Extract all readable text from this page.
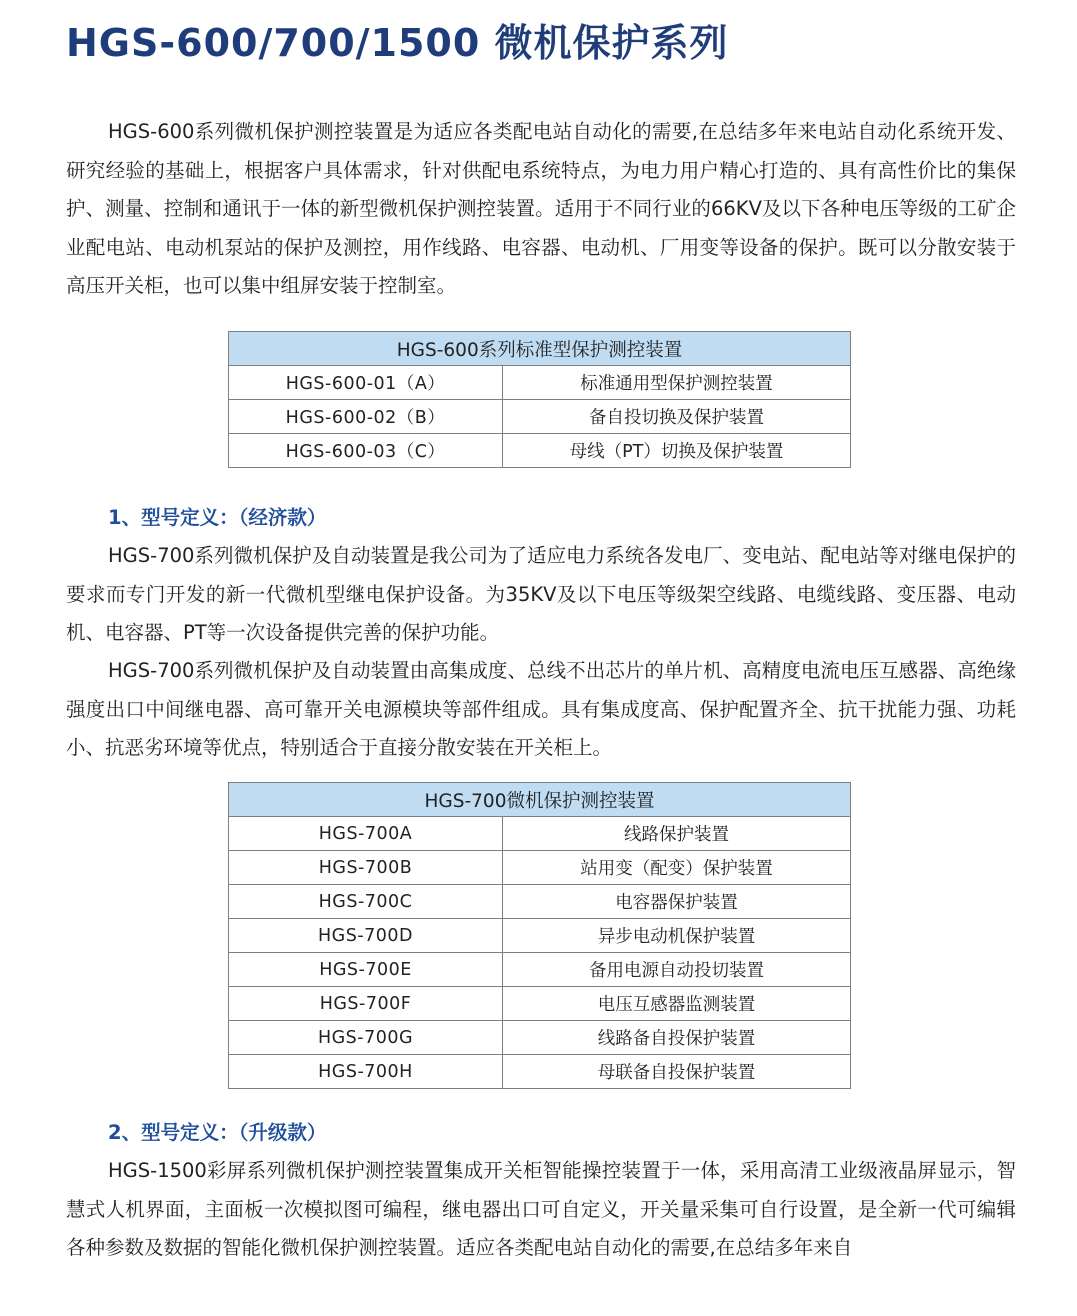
HGS-600/700/1500 微机保护系列

HGS-600系列微机保护测控装置是为适应各类配电站自动化的需要,在总结多年来电站自动化系统开发、研究经验的基础上，根据客户具体需求，针对供配电系统特点，为电力用户精心打造的、具有高性价比的集保护、测量、控制和通讯于一体的新型微机保护测控装置。适用于不同行业的66KV及以下各种电压等级的工矿企业配电站、电动机泵站的保护及测控，用作线路、电容器、电动机、厂用变等设备的保护。既可以分散安装于高压开关柜，也可以集中组屏安装于控制室。

HGS-600系列标准型保护测控装置	
HGS-600-01（A）	标准通用型保护测控装置
HGS-600-02（B）	备自投切换及保护装置
HGS-600-03（C）	母线（PT）切换及保护装置
1、型号定义：（经济款）

HGS-700系列微机保护及自动装置是我公司为了适应电力系统各发电厂、变电站、配电站等对继电保护的要求而专门开发的新一代微机型继电保护设备。为35KV及以下电压等级架空线路、电缆线路、变压器、电动机、电容器、PT等一次设备提供完善的保护功能。

HGS-700系列微机保护及自动装置由高集成度、总线不出芯片的单片机、高精度电流电压互感器、高绝缘强度出口中间继电器、高可靠开关电源模块等部件组成。具有集成度高、保护配置齐全、抗干扰能力强、功耗小、抗恶劣环境等优点，特别适合于直接分散安装在开关柜上。

HGS-700微机保护测控装置	
HGS-700A	线路保护装置
HGS-700B	站用变（配变）保护装置
HGS-700C	电容器保护装置
HGS-700D	异步电动机保护装置
HGS-700E	备用电源自动投切装置
HGS-700F	电压互感器监测装置
HGS-700G	线路备自投保护装置
HGS-700H	母联备自投保护装置
2、型号定义：（升级款）

HGS-1500彩屏系列微机保护测控装置集成开关柜智能操控装置于一体，采用高清工业级液晶屏显示，智慧式人机界面，主面板一次模拟图可编程，继电器出口可自定义，开关量采集可自行设置，是全新一代可编辑各种参数及数据的智能化微机保护测控装置。适应各类配电站自动化的需要,在总结多年来自
